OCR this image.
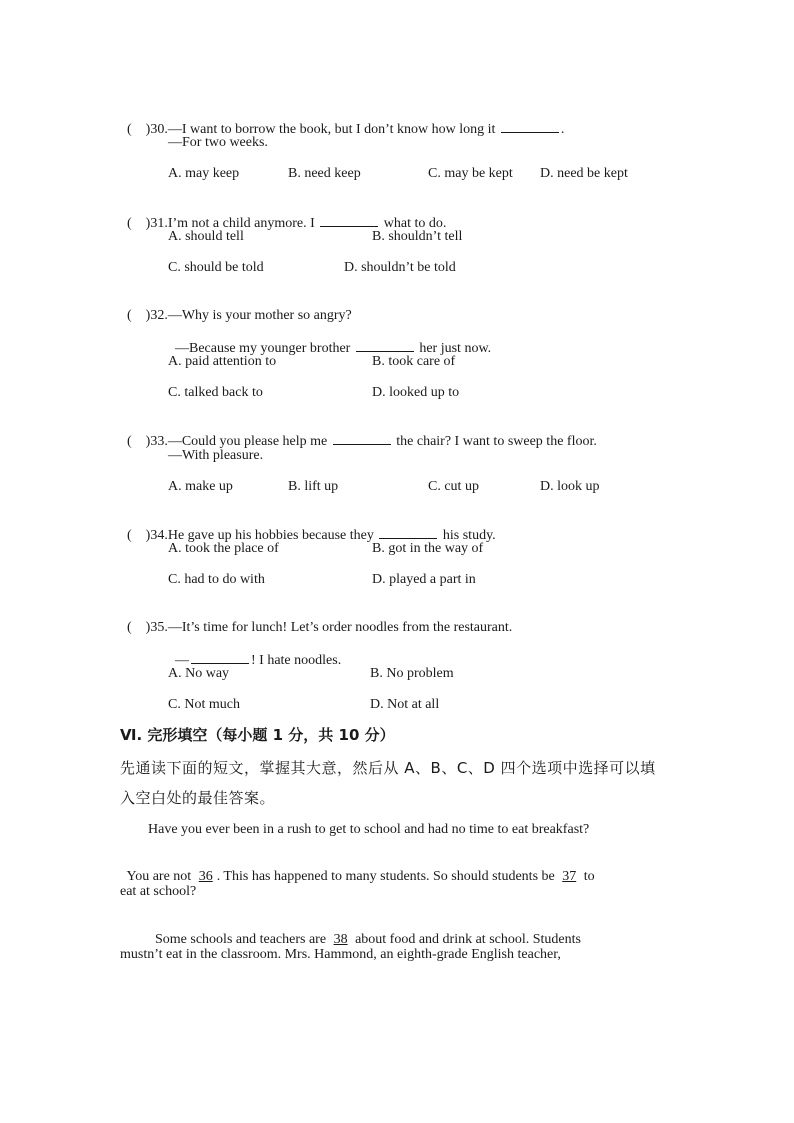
(    )30.—I want to borrow the book, but I don’t know how long it	.

—For two weeks.
A. may keep	B. need keep	C. may be kept D. need be kept

(    )31.I’m not a child anymore. I	what to do.

A. should tell	B. shouldn’t tell
C. should be told	D. shouldn’t be told

(    )32.—Why is your mother so angry?

—Because my younger brother	her just now.

A. paid attention to	B. took care of
C. talked back to	D. looked up to

(    )33.—Could you please help me	the chair? I want to sweep the floor.

—With pleasure.
A. make up	B. lift up	C. cut up	D. look up

(    )34.He gave up his hobbies because they	his study.

A. took the place of	B. got in the way of
C. had to do with	D. played a part in

(    )35.—It’s time for lunch! Let’s order noodles from the restaurant.

—	! I hate noodles.

A. No way	B. No problem
C. Not much	D. Not at all
Ⅵ. 完形填空（每小题 1 分，共 10 分）
先通读下面的短文，掌握其大意，然后从 A、B、C、D 四个选项中选择可以填
入空白处的最佳答案。
Have you ever been in a rush to get to school and had no time to eat breakfast?

You are not 36 . This has happened to many students. So should students be 37 to

eat at school?

Some schools and teachers are 38 about food and drink at school. Students

mustn’t eat in the classroom. Mrs. Hammond, an eighth-grade English teacher,
